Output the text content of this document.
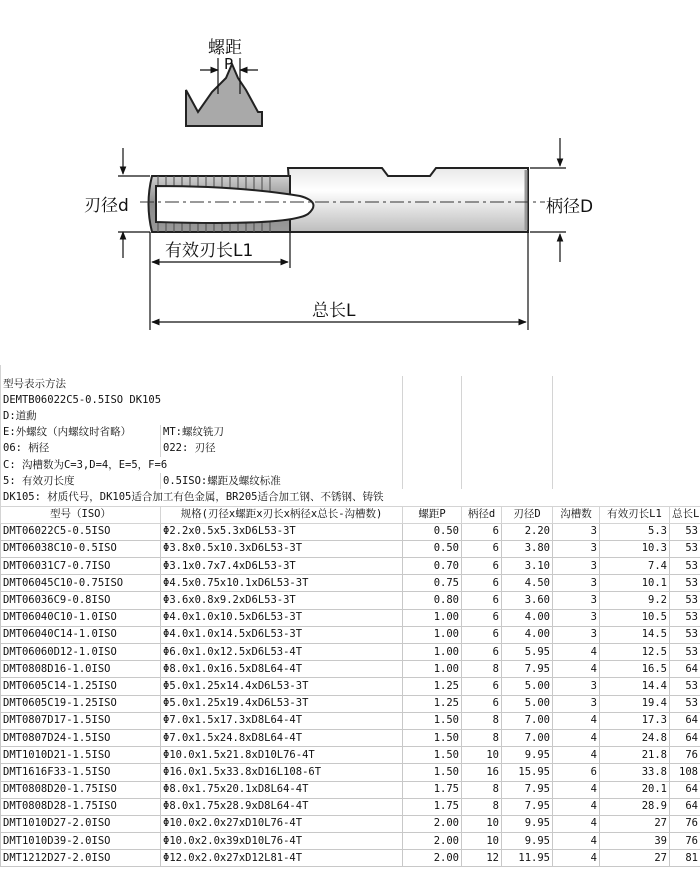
螺距
P
刃径d	柄径D
有效刃长L1
总长L

型号表示方法							
DEMTB06022C5-0.5ISO DK105							
D:道勳							
E:外螺纹（内螺纹时省略）	MT:螺纹铣刀						
06: 柄径	022: 刃径						
C: 沟槽数为C=3,D=4，E=5，F=6							
5: 有效刃长度	0.5ISO:螺距及螺纹标准						
DK105: 材质代号，DK105适合加工有色金属，BR205适合加工钢、不锈钢、铸铁							
型号（ISO）	规格(刃径x螺距x刃长x柄径x总长-沟槽数)	螺距P	柄径d	刃径D	沟槽数	有效刃长L1	总长L
DMT06022C5-0.5ISO	Φ2.2x0.5x5.3xD6L53-3T	0.50	6	2.20	3	5.3	53
DMT06038C10-0.5ISO	Φ3.8x0.5x10.3xD6L53-3T	0.50	6	3.80	3	10.3	53
DMT06031C7-0.7ISO	Φ3.1x0.7x7.4xD6L53-3T	0.70	6	3.10	3	7.4	53
DMT06045C10-0.75ISO	Φ4.5x0.75x10.1xD6L53-3T	0.75	6	4.50	3	10.1	53
DMT06036C9-0.8ISO	Φ3.6x0.8x9.2xD6L53-3T	0.80	6	3.60	3	9.2	53
DMT06040C10-1.0ISO	Φ4.0x1.0x10.5xD6L53-3T	1.00	6	4.00	3	10.5	53
DMT06040C14-1.0ISO	Φ4.0x1.0x14.5xD6L53-3T	1.00	6	4.00	3	14.5	53
DMT06060D12-1.0ISO	Φ6.0x1.0x12.5xD6L53-4T	1.00	6	5.95	4	12.5	53
DMT0808D16-1.0ISO	Φ8.0x1.0x16.5xD8L64-4T	1.00	8	7.95	4	16.5	64
DMT0605C14-1.25ISO	Φ5.0x1.25x14.4xD6L53-3T	1.25	6	5.00	3	14.4	53
DMT0605C19-1.25ISO	Φ5.0x1.25x19.4xD6L53-3T	1.25	6	5.00	3	19.4	53
DMT0807D17-1.5ISO	Φ7.0x1.5x17.3xD8L64-4T	1.50	8	7.00	4	17.3	64
DMT0807D24-1.5ISO	Φ7.0x1.5x24.8xD8L64-4T	1.50	8	7.00	4	24.8	64
DMT1010D21-1.5ISO	Φ10.0x1.5x21.8xD10L76-4T	1.50	10	9.95	4	21.8	76
DMT1616F33-1.5ISO	Φ16.0x1.5x33.8xD16L108-6T	1.50	16	15.95	6	33.8	108
DMT0808D20-1.75ISO	Φ8.0x1.75x20.1xD8L64-4T	1.75	8	7.95	4	20.1	64
DMT0808D28-1.75ISO	Φ8.0x1.75x28.9xD8L64-4T	1.75	8	7.95	4	28.9	64
DMT1010D27-2.0ISO	Φ10.0x2.0x27xD10L76-4T	2.00	10	9.95	4	27	76
DMT1010D39-2.0ISO	Φ10.0x2.0x39xD10L76-4T	2.00	10	9.95	4	39	76
DMT1212D27-2.0ISO	Φ12.0x2.0x27xD12L81-4T	2.00	12	11.95	4	27	81
